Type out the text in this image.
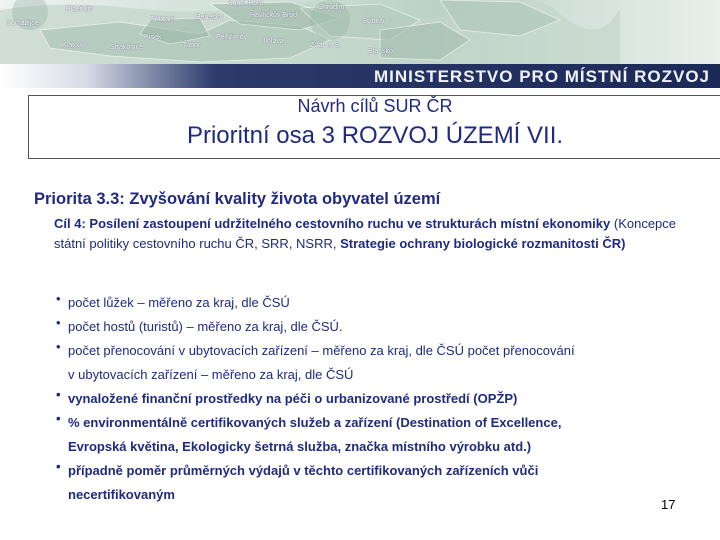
Plzeň-jih
Domažlice
Klatovy
Příbram
Písek
Strakonice
Benešov
Tábor
Kutná Hora
Havlíčkův Brod
Pelhřimov
Chrudim
Svitavy
Žďár n. S.
Blansko
Jihlava
MINISTERSTVO PRO MÍSTNÍ ROZVOJ
Návrh cílů SUR ČR
Prioritní osa 3 ROZVOJ ÚZEMÍ VII.
Priorita 3.3: Zvyšování kvality života obyvatel území
Cíl 4: Posílení zastoupení udržitelného cestovního ruchu ve strukturách místní ekonomiky (Koncepce státní politiky cestovního ruchu ČR, SRR, NSRR, Strategie ochrany biologické rozmanitosti ČR)
• počet lůžek – měřeno za kraj, dle ČSÚ
• počet hostů (turistů) – měřeno za kraj, dle ČSÚ.
• počet přenocování v ubytovacích zařízení – měřeno za kraj, dle ČSÚ počet přenocování
v ubytovacích zařízení – měřeno za kraj, dle ČSÚ
• vynaložené finanční prostředky na péči o urbanizované prostředí (OPŽP)
• % environmentálně certifikovaných služeb a zařízení (Destination of Excellence,
Evropská květina, Ekologicky šetrná služba, značka místního výrobku atd.)
• případně poměr průměrných výdajů v těchto certifikovaných zařízeních vůči
necertifikovaným
17
